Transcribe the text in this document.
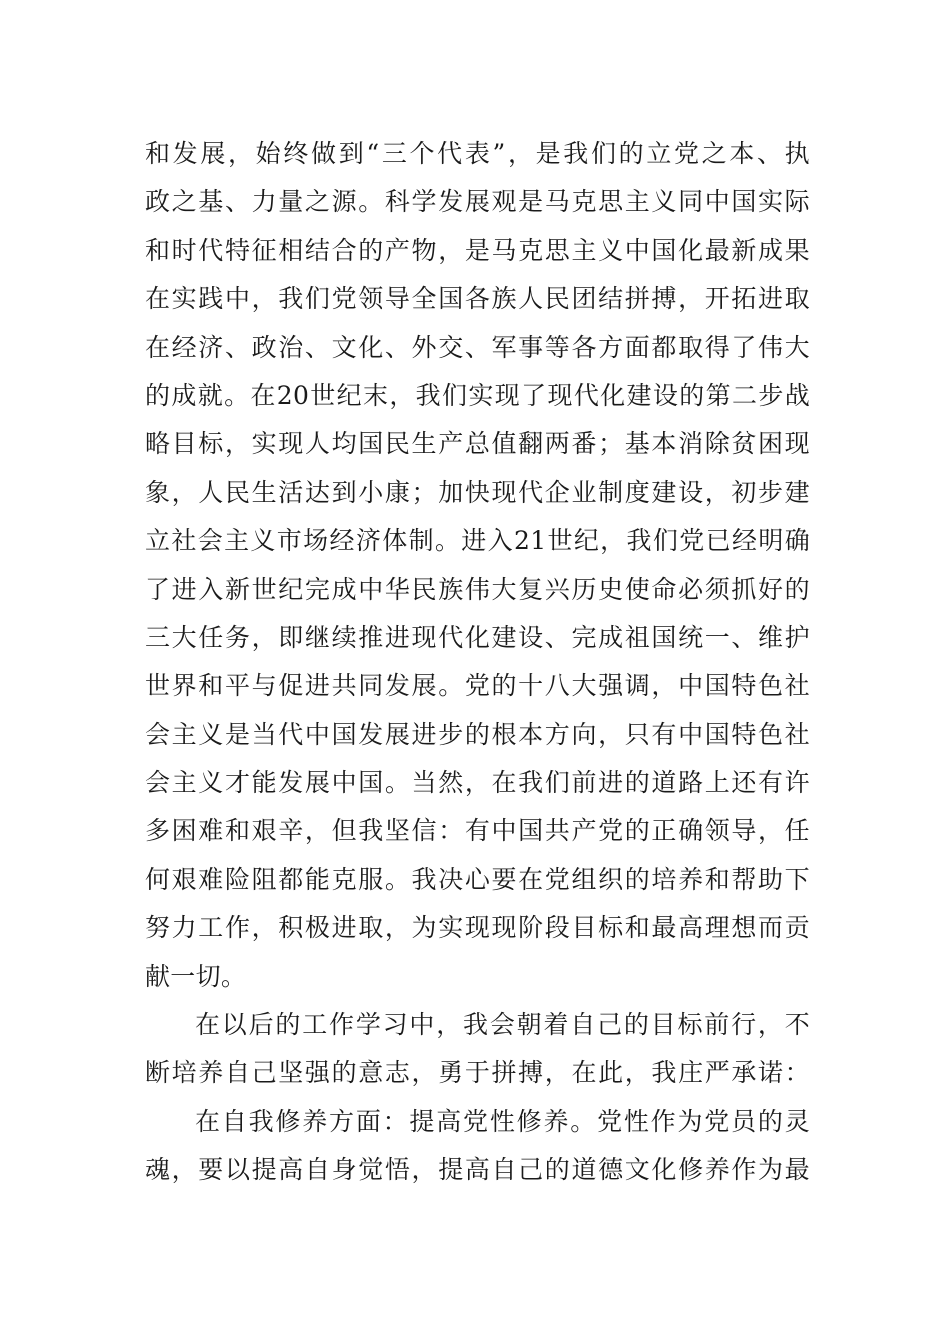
和发展，始终做到“三个代表”，是我们的立党之本、执
政之基、力量之源。科学发展观是马克思主义同中国实际
和时代特征相结合的产物，是马克思主义中国化最新成果
在实践中，我们党领导全国各族人民团结拼搏，开拓进取
在经济、政治、文化、外交、军事等各方面都取得了伟大
的成就。在20世纪末，我们实现了现代化建设的第二步战
略目标，实现人均国民生产总值翻两番；基本消除贫困现
象，人民生活达到小康；加快现代企业制度建设，初步建
立社会主义市场经济体制。进入21世纪，我们党已经明确
了进入新世纪完成中华民族伟大复兴历史使命必须抓好的
三大任务，即继续推进现代化建设、完成祖国统一、维护
世界和平与促进共同发展。党的十八大强调，中国特色社
会主义是当代中国发展进步的根本方向，只有中国特色社
会主义才能发展中国。当然，在我们前进的道路上还有许
多困难和艰辛，但我坚信：有中国共产党的正确领导，任
何艰难险阻都能克服。我决心要在党组织的培养和帮助下
努力工作，积极进取，为实现现阶段目标和最高理想而贡
献一切。
在以后的工作学习中，我会朝着自己的目标前行，不
断培养自己坚强的意志，勇于拼搏，在此，我庄严承诺：
在自我修养方面：提高党性修养。党性作为党员的灵
魂，要以提高自身觉悟，提高自己的道德文化修养作为最
